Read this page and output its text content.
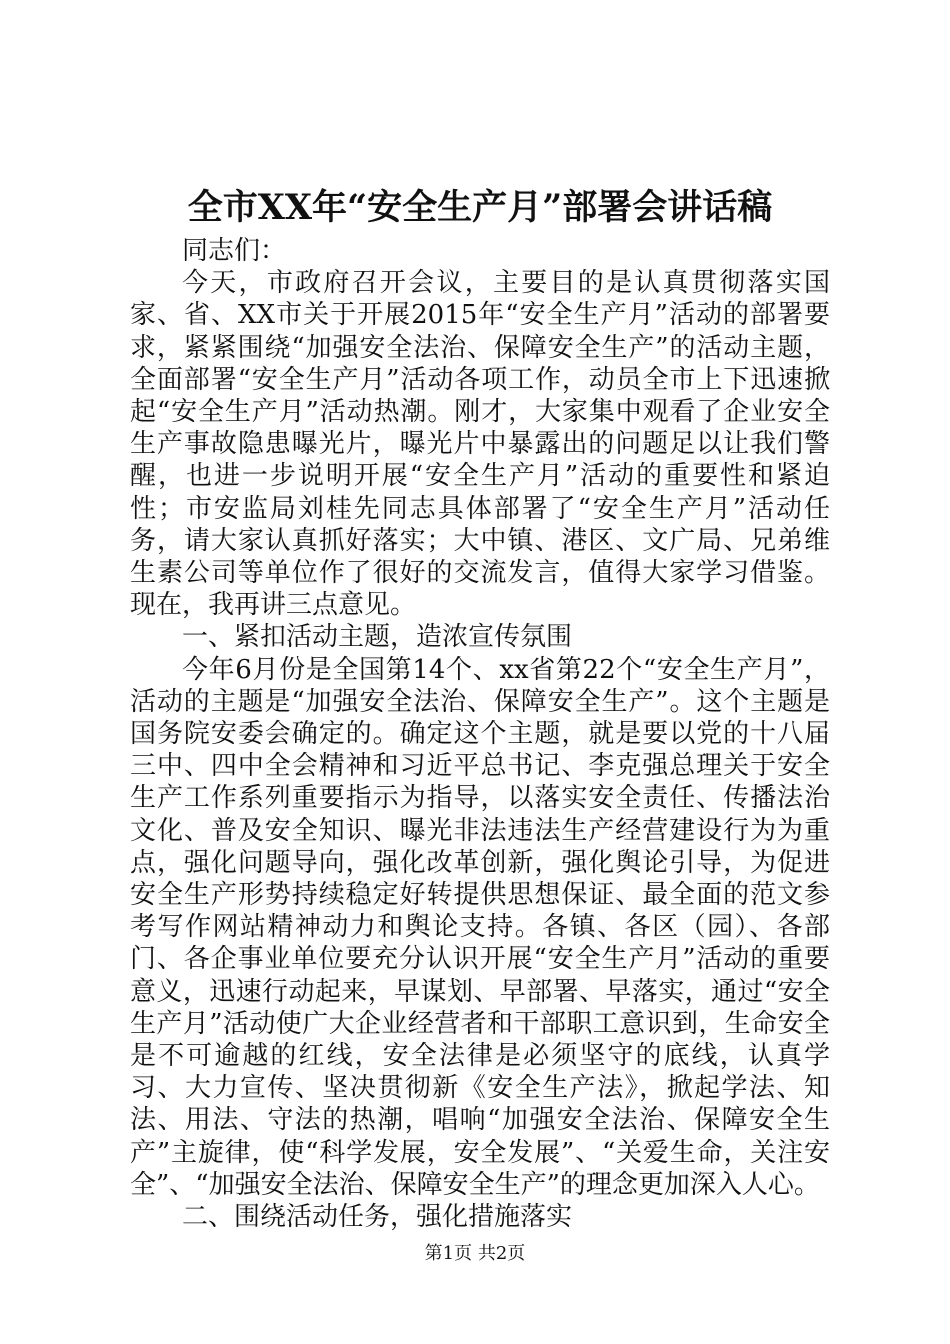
全市XX年“安全生产月”部署会讲话稿

同志们：

今天，市政府召开会议，主要目的是认真贯彻落实国家、省、XX市关于开展2015年“安全生产月”活动的部署要求，紧紧围绕“加强安全法治、保障安全生产”的活动主题，全面部署“安全生产月”活动各项工作，动员全市上下迅速掀起“安全生产月”活动热潮。刚才，大家集中观看了企业安全生产事故隐患曝光片，曝光片中暴露出的问题足以让我们警醒，也进一步说明开展“安全生产月”活动的重要性和紧迫性；市安监局刘桂先同志具体部署了“安全生产月”活动任务，请大家认真抓好落实；大中镇、港区、文广局、兄弟维生素公司等单位作了很好的交流发言，值得大家学习借鉴。现在，我再讲三点意见。

一、紧扣活动主题，造浓宣传氛围

今年6月份是全国第14个、xx省第22个“安全生产月”，活动的主题是“加强安全法治、保障安全生产”。这个主题是国务院安委会确定的。确定这个主题，就是要以党的十八届三中、四中全会精神和习近平总书记、李克强总理关于安全生产工作系列重要指示为指导，以落实安全责任、传播法治文化、普及安全知识、曝光非法违法生产经营建设行为为重点，强化问题导向，强化改革创新，强化舆论引导，为促进安全生产形势持续稳定好转提供思想保证、最全面的范文参考写作网站精神动力和舆论支持。各镇、各区（园）、各部门、各企事业单位要充分认识开展“安全生产月”活动的重要意义，迅速行动起来，早谋划、早部署、早落实，通过“安全生产月”活动使广大企业经营者和干部职工意识到，生命安全是不可逾越的红线，安全法律是必须坚守的底线，认真学习、大力宣传、坚决贯彻新《安全生产法》，掀起学法、知法、用法、守法的热潮，唱响“加强安全法治、保障安全生产”主旋律，使“科学发展，安全发展”、“关爱生命，关注安全”、“加强安全法治、保障安全生产”的理念更加深入人心。

二、围绕活动任务，强化措施落实

第1页 共2页
